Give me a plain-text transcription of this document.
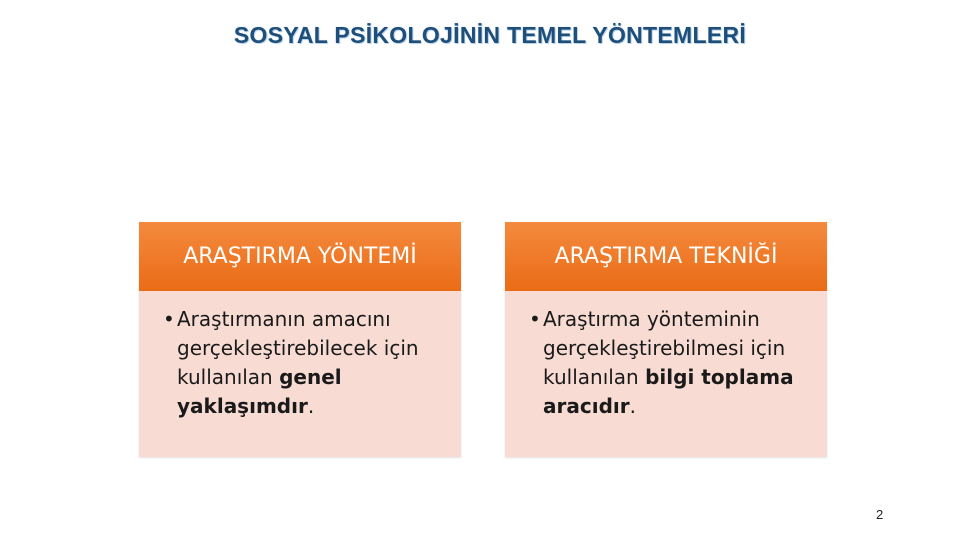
SOSYAL PSİKOLOJİNİN TEMEL YÖNTEMLERİ
ARAŞTIRMA YÖNTEMİ
• Araştırmanın amacını gerçekleştirebilecek için kullanılan genel yaklaşımdır.
ARAŞTIRMA TEKNİĞİ
• Araştırma yönteminin gerçekleştirebilmesi için kullanılan bilgi toplama aracıdır.
2
